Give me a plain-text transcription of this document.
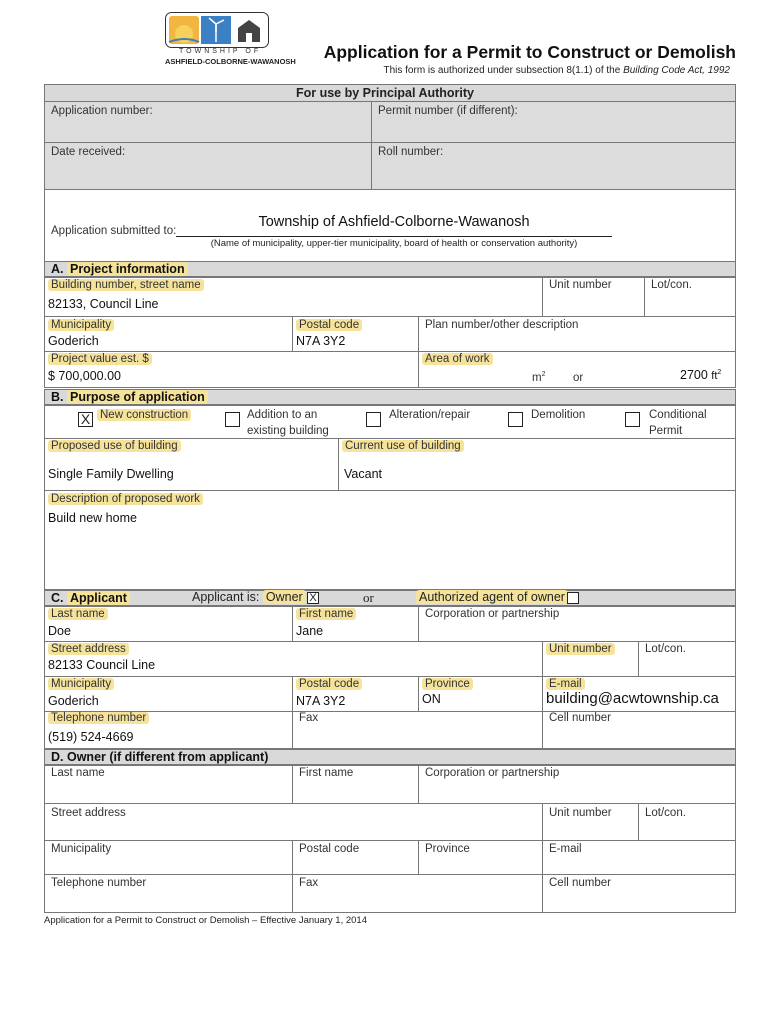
TOWNSHIP OF
ASHFIELD-COLBORNE-WAWANOSH Application for a Permit to Construct or Demolish
This form is authorized under subsection 8(1.1) of the Building Code Act, 1992
For use by Principal Authority
Application number:	Permit number (if different):
Date received:	Roll number:
Application submitted to:
Township of Ashfield-Colborne-Wawanosh
(Name of municipality, upper-tier municipality, board of health or conservation authority)
A. Project information
Building number, street name
82133, Council Line
Unit number	Lot/con.
Municipality
Goderich
Postal code
N7A 3Y2
Plan number/other description
Project value est. $
$ 700,000.00
Area of work
$m^2$ or	2700 $ft^2$
B. Purpose of application
X New construction	Addition to an
existing building
Alteration/repair	Demolition	Conditional
Permit
Proposed use of building
Single Family Dwelling
Current use of building
Vacant
Description of proposed work
Build new home
C. Applicant	Applicant is: Owner X	or	Authorized agent of owner
Last name
Doe
First name
Jane
Corporation or partnership
Street address
82133 Council Line
Unit number	Lot/con.
Municipality
Goderich
Postal code
N7A 3Y2
Province
ON
E-mail
building@acwtownship.ca
Telephone number
(519) 524-4669
Fax	Cell number
D. Owner (if different from applicant)
Last name	First name	Corporation or partnership
Street address	Unit number	Lot/con.
Municipality	Postal code	Province	E-mail
Telephone number	Fax	Cell number
Application for a Permit to Construct or Demolish – Effective January 1, 2014
